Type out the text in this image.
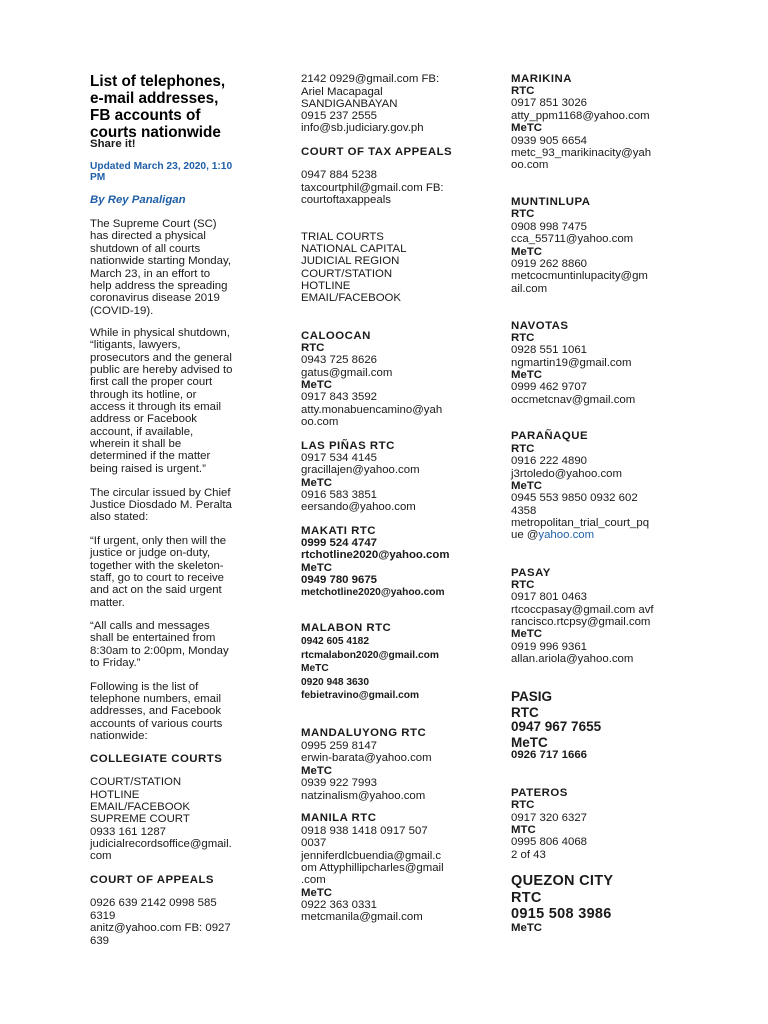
List of telephones,
e-mail addresses,
FB accounts of
courts nationwide
Share it!
Updated March 23, 2020, 1:10
PM
By Rey Panaligan
The Supreme Court (SC)
has directed a physical
shutdown of all courts
nationwide starting Monday,
March 23, in an effort to
help address the spreading
coronavirus disease 2019
(COVID-19).
While in physical shutdown,
“litigants, lawyers,
prosecutors and the general
public are hereby advised to
first call the proper court
through its hotline, or
access it through its email
address or Facebook
account, if available,
wherein it shall be
determined if the matter
being raised is urgent.”
The circular issued by Chief
Justice Diosdado M. Peralta
also stated:
“If urgent, only then will the
justice or judge on-duty,
together with the skeleton-
staff, go to court to receive
and act on the said urgent
matter.
“All calls and messages
shall be entertained from
8:30am to 2:00pm, Monday
to Friday.”
Following is the list of
telephone numbers, email
addresses, and Facebook
accounts of various courts
nationwide:
COLLEGIATE COURTS
COURT/STATION
HOTLINE
EMAIL/FACEBOOK
SUPREME COURT
0933 161 1287
judicialrecordsoffice@gmail.
com
COURT OF APPEALS
0926 639 2142 0998 585
6319
anitz@yahoo.com FB: 0927
639
2142 0929@gmail.com FB:
Ariel Macapagal
SANDIGANBAYAN
0915 237 2555
info@sb.judiciary.gov.ph
COURT OF TAX APPEALS
0947 884 5238
taxcourtphil@gmail.com FB:
courtoftaxappeals
TRIAL COURTS
NATIONAL CAPITAL
JUDICIAL REGION
COURT/STATION
HOTLINE
EMAIL/FACEBOOK
CALOOCAN
RTC
0943 725 8626
gatus@gmail.com
MeTC
0917 843 3592
atty.monabuencamino@yah
oo.com
LAS PIÑAS RTC
0917 534 4145
gracillajen@yahoo.com
MeTC
0916 583 3851
eersando@yahoo.com
MAKATI RTC
0999 524 4747
rtchotline2020@yahoo.com
MeTC
0949 780 9675
metchotline2020@yahoo.com
MALABON RTC
0942 605 4182
rtcmalabon2020@gmail.com
MeTC
0920 948 3630
febietravino@gmail.com
MANDALUYONG RTC
0995 259 8147
erwin-barata@yahoo.com
MeTC
0939 922 7993
natzinalism@yahoo.com
MANILA RTC
0918 938 1418 0917 507
0037
jenniferdlcbuendia@gmail.c
om Attyphillipcharles@gmail
.com
MeTC
0922 363 0331
metcmanila@gmail.com
MARIKINA
RTC
0917 851 3026
atty_ppm1168@yahoo.com
MeTC
0939 905 6654
metc_93_marikinacity@yah
oo.com
MUNTINLUPA
RTC
0908 998 7475
cca_55711@yahoo.com
MeTC
0919 262 8860
metcocmuntinlupacity@gm
ail.com
NAVOTAS
RTC
0928 551 1061
ngmartin19@gmail.com
MeTC
0999 462 9707
occmetcnav@gmail.com
PARAÑAQUE
RTC
0916 222 4890
j3rtoledo@yahoo.com
MeTC
0945 553 9850 0932 602
4358
metropolitan_trial_court_pq
ue @yahoo.com
PASAY
RTC
0917 801 0463
rtcoccpasay@gmail.com avf
rancisco.rtcpsy@gmail.com
MeTC
0919 996 9361
allan.ariola@yahoo.com
PASIG
RTC
0947 967 7655
MeTC
0926 717 1666
PATEROS
RTC
0917 320 6327
MTC
0995 806 4068
2 of 43
QUEZON CITY
RTC
0915 508 3986
MeTC
